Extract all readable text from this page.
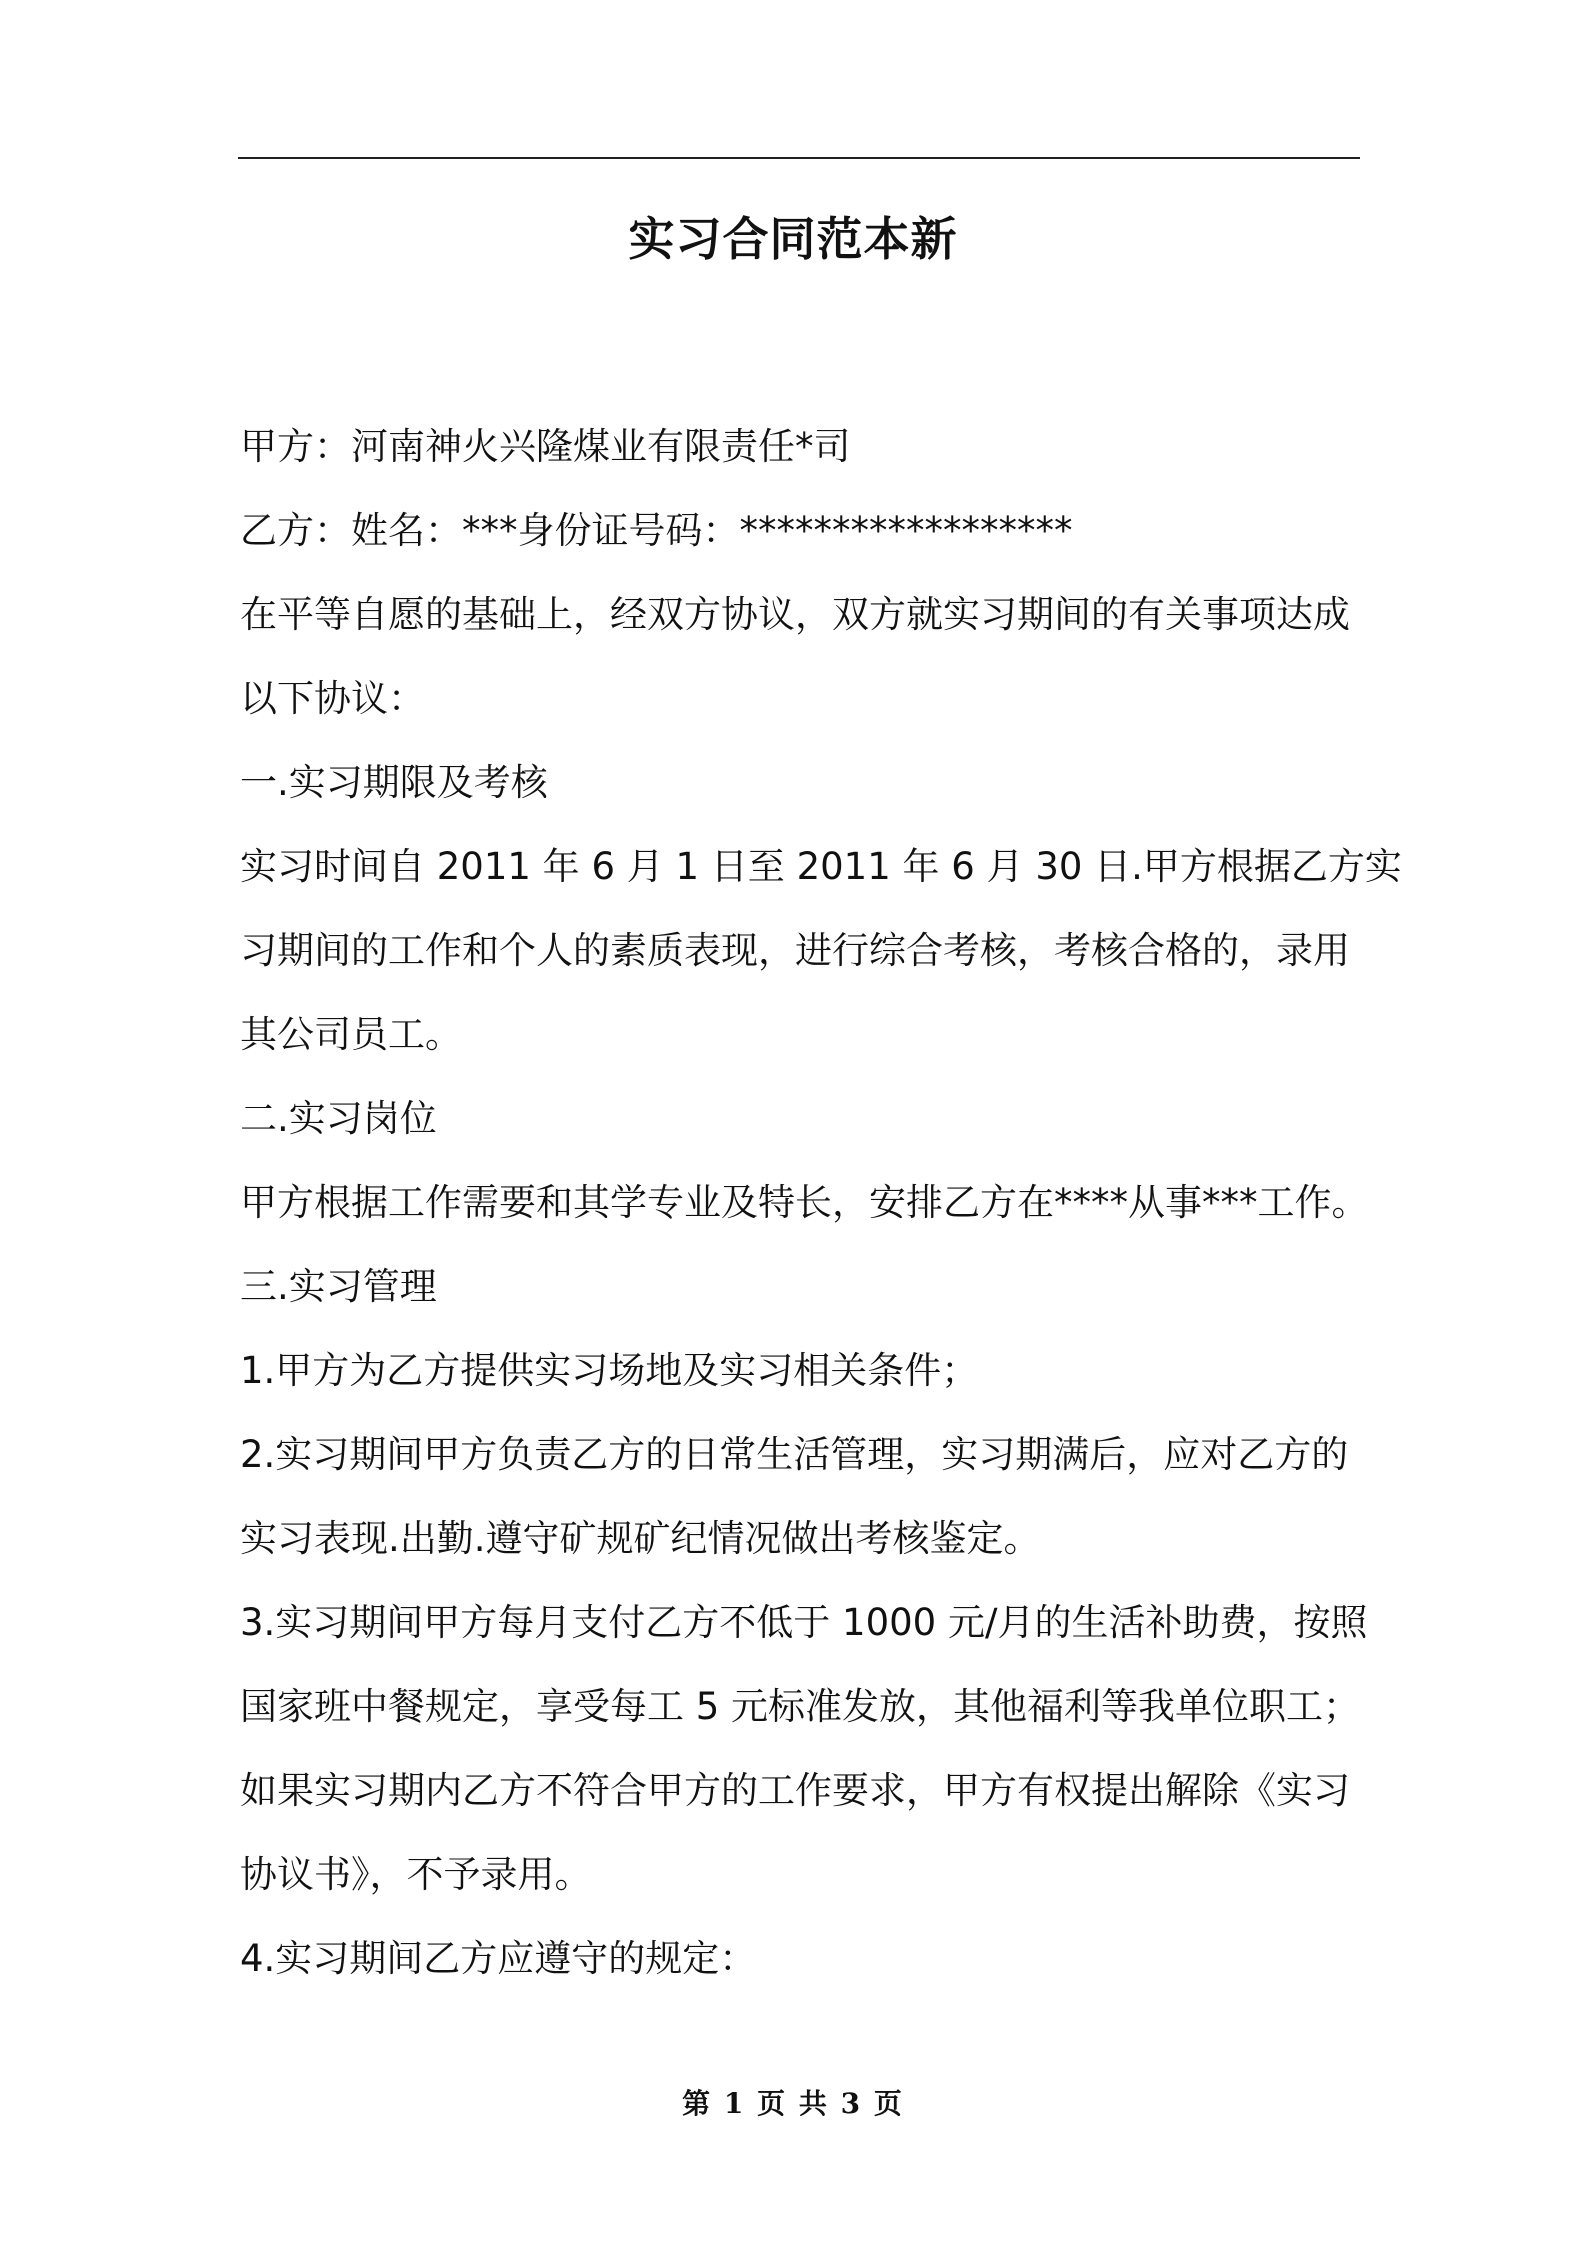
实习合同范本新
甲方：河南神火兴隆煤业有限责任*司
乙方：姓名：***身份证号码：******************
在平等自愿的基础上，经双方协议，双方就实习期间的有关事项达成
以下协议：
一.实习期限及考核
实习时间自 2011 年 6 月 1 日至 2011 年 6 月 30 日.甲方根据乙方实
习期间的工作和个人的素质表现，进行综合考核，考核合格的，录用
其公司员工。
二.实习岗位
甲方根据工作需要和其学专业及特长，安排乙方在****从事***工作。
三.实习管理
1.甲方为乙方提供实习场地及实习相关条件；
2.实习期间甲方负责乙方的日常生活管理，实习期满后，应对乙方的
实习表现.出勤.遵守矿规矿纪情况做出考核鉴定。
3.实习期间甲方每月支付乙方不低于 1000 元/月的生活补助费，按照
国家班中餐规定，享受每工 5 元标准发放，其他福利等我单位职工；
如果实习期内乙方不符合甲方的工作要求，甲方有权提出解除《实习
协议书》，不予录用。
4.实习期间乙方应遵守的规定：
第 1 页 共 3 页
